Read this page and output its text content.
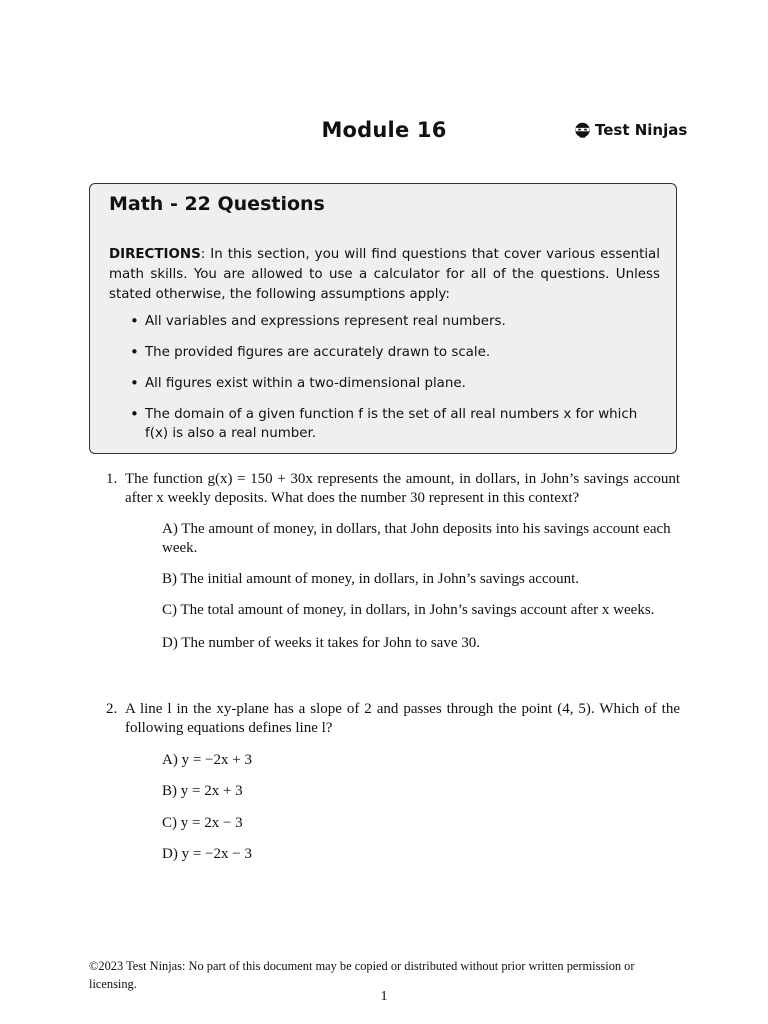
Module 16	Test Ninjas
Math - 22 Questions
DIRECTIONS: In this section, you will find questions that cover various essential math skills. You are allowed to use a calculator for all of the questions. Unless stated otherwise, the following assumptions apply:
• All variables and expressions represent real numbers.
• The provided figures are accurately drawn to scale.
• All figures exist within a two-dimensional plane.
• The domain of a given function f is the set of all real numbers x for which f(x) is also a real number.
1. The function g(x) = 150 + 30x represents the amount, in dollars, in John’s savings account after x weekly deposits. What does the number 30 represent in this context?
A) The amount of money, in dollars, that John deposits into his savings account each week.
B) The initial amount of money, in dollars, in John’s savings account.
C) The total amount of money, in dollars, in John’s savings account after x weeks.
D) The number of weeks it takes for John to save 30.
2. A line l in the xy-plane has a slope of 2 and passes through the point (4, 5). Which of the following equations defines line l?
A) y = −2x + 3
B) y = 2x + 3
C) y = 2x − 3
D) y = −2x − 3
©2023 Test Ninjas: No part of this document may be copied or distributed without prior written permission or licensing.
1
